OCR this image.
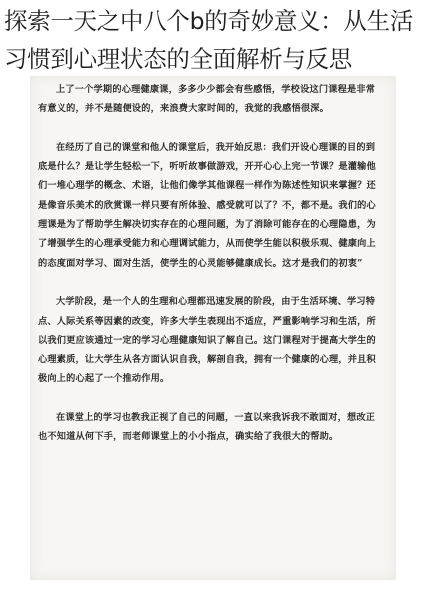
探索一天之中八个b的奇妙意义：从生活习惯到心理状态的全面解析与反思

上了一个学期的心理健康课，多多少少都会有些感悟，学校设这门课程是非常有意义的，并不是随便设的，来浪费大家时间的，我觉的我感悟很深。

在经历了自己的课堂和他人的课堂后，我开始反思：我们开设心理课的目的到底是什么？是让学生轻松一下，听听故事做游戏，开开心心上完一节课？是灌输他们一堆心理学的概念、术语，让他们像学其他课程一样作为陈述性知识来掌握？还是像音乐美术的欣赏课一样只要有所体验、感受就可以了？不，都不是。我们的心理课是为了帮助学生解决切实存在的心理问题，为了消除可能存在的心理隐患，为了增强学生的心理承受能力和心理调试能力，从而使学生能以积极乐观、健康向上的态度面对学习、面对生活，使学生的心灵能够健康成长。这才是我们的初衷”

大学阶段，是一个人的生理和心理都迅速发展的阶段，由于生活环境、学习特点、人际关系等因素的改变，许多大学生表现出不适应，严重影响学习和生活，所以我们更应该通过一定的学习心理健康知识了解自己。这门课程对于提高大学生的心理素质，让大学生从各方面认识自我，解剖自我，拥有一个健康的心理，并且积极向上的心起了一个推动作用。

在课堂上的学习也教我正视了自己的问题，一直以来我诉我不敢面对，想改正也不知道从何下手，而老师课堂上的小小指点，确实给了我很大的帮助。
